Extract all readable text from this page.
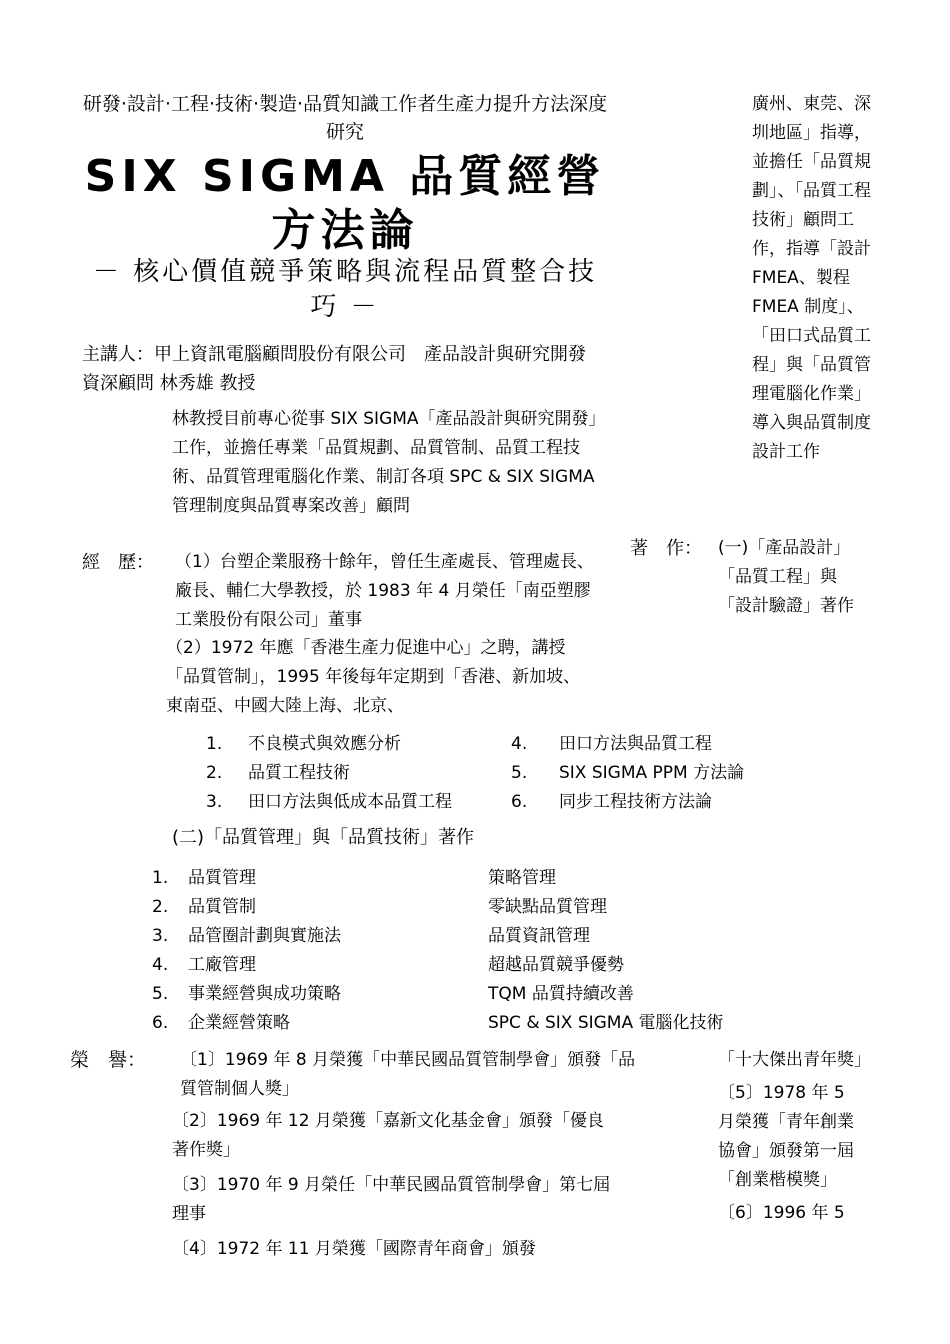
研發‧設計‧工程‧技術‧製造‧品質知識工作者生產力提升方法深度研究
SIX SIGMA 品質經營方法論
－ 核心價值競爭策略與流程品質整合技巧 －
主講人：甲上資訊電腦顧問股份有限公司　產品設計與研究開發資深顧問 林秀雄 教授
林教授目前專心從事 SIX SIGMA「產品設計與研究開發」工作，並擔任專業「品質規劃、品質管制、品質工程技術、品質管理電腦化作業、制訂各項 SPC & SIX SIGMA 管理制度與品質專案改善」顧問
廣州、東莞、深圳地區」指導，並擔任「品質規劃」、「品質工程技術」顧問工作，指導「設計 FMEA、製程 FMEA 制度」、「田口式品質工程」與「品質管理電腦化作業」導入與品質制度設計工作
經　歷： （1）台塑企業服務十餘年，曾任生產處長、管理處長、廠長、輔仁大學教授，於 1983 年 4 月榮任「南亞塑膠工業股份有限公司」董事
（2）1972 年應「香港生產力促進中心」之聘，講授「品質管制」，1995 年後每年定期到「香港、新加坡、東南亞、中國大陸上海、北京、
著　作： (一)「產品設計」「品質工程」與「設計驗證」著作
1. 不良模式與效應分析
2. 品質工程技術
3. 田口方法與低成本品質工程
4. 田口方法與品質工程
5. SIX SIGMA PPM 方法論
6. 同步工程技術方法論
(二)「品質管理」與「品質技術」著作
1. 品質管理
2. 品質管制
3. 品管圈計劃與實施法
4. 工廠管理
5. 事業經營與成功策略
6. 企業經營策略
策略管理
零缺點品質管理
品質資訊管理
超越品質競爭優勢
TQM 品質持續改善
SPC & SIX SIGMA 電腦化技術
榮　譽： 〔1〕1969 年 8 月榮獲「中華民國品質管制學會」頒發「品質管制個人獎」

〔2〕1969 年 12 月榮獲「嘉新文化基金會」頒發「優良著作獎」

〔3〕1970 年 9 月榮任「中華民國品質管制學會」第七屆理事

〔4〕1972 年 11 月榮獲「國際青年商會」頒發

「十大傑出青年獎」

〔5〕1978 年 5 月榮獲「青年創業協會」頒發第一屆「創業楷模獎」

〔6〕1996 年 5
